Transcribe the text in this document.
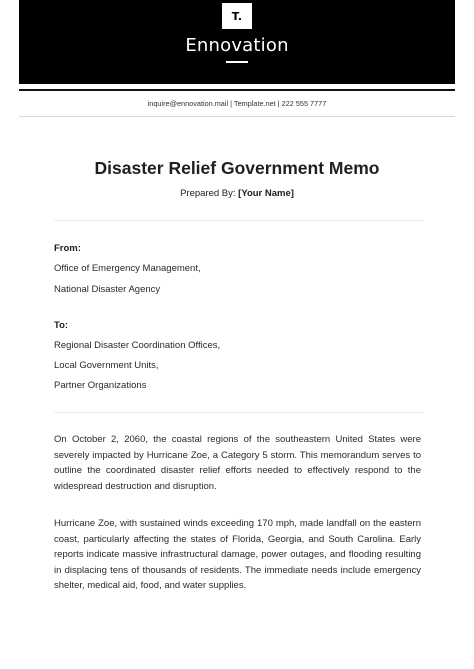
T.
Ennovation
inquire@ennovation.mail | Template.net | 222 555 7777
Disaster Relief Government Memo
Prepared By: [Your Name]
From:
Office of Emergency Management,
National Disaster Agency
To:
Regional Disaster Coordination Offices,
Local Government Units,
Partner Organizations

On October 2, 2060, the coastal regions of the southeastern United States were severely impacted by Hurricane Zoe, a Category 5 storm. This memorandum serves to outline the coordinated disaster relief efforts needed to effectively respond to the widespread destruction and disruption.

Hurricane Zoe, with sustained winds exceeding 170 mph, made landfall on the eastern coast, particularly affecting the states of Florida, Georgia, and South Carolina. Early reports indicate massive infrastructural damage, power outages, and flooding resulting in displacing tens of thousands of residents. The immediate needs include emergency shelter, medical aid, food, and water supplies.
